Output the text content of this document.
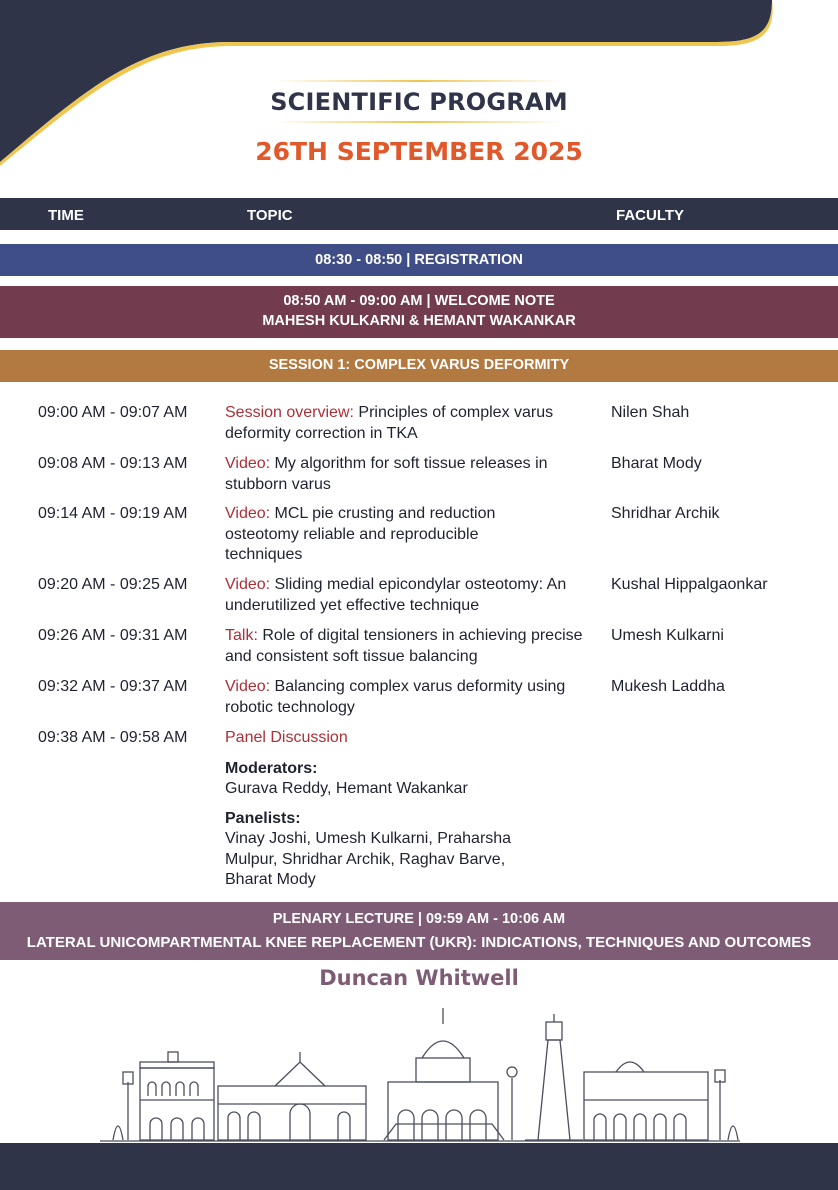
SCIENTIFIC PROGRAM
26TH SEPTEMBER 2025
TIME	TOPIC	FACULTY
08:30 - 08:50 | REGISTRATION
08:50 AM - 09:00 AM | WELCOME NOTE
MAHESH KULKARNI & HEMANT WAKANKAR
SESSION 1: COMPLEX VARUS DEFORMITY
09:00 AM - 09:07 AM Session overview: Principles of complex varus deformity correction in TKA
Nilen Shah
09:08 AM - 09:13 AM Video: My algorithm for soft tissue releases in stubborn varus
Bharat Mody
09:14 AM - 09:19 AM Video: MCL pie crusting and reduction osteotomy reliable and reproducible techniques
Shridhar Archik
09:20 AM - 09:25 AM Video: Sliding medial epicondylar osteotomy: An underutilized yet effective technique
Kushal Hippalgaonkar
09:26 AM - 09:31 AM Talk: Role of digital tensioners in achieving precise and consistent soft tissue balancing
Umesh Kulkarni
09:32 AM - 09:37 AM Video: Balancing complex varus deformity using robotic technology
Mukesh Laddha
09:38 AM - 09:58 AM Panel Discussion
Moderators:
Gurava Reddy, Hemant Wakankar
Panelists:
Vinay Joshi, Umesh Kulkarni, Praharsha Mulpur, Shridhar Archik, Raghav Barve, Bharat Mody
PLENARY LECTURE | 09:59 AM - 10:06 AM
LATERAL UNICOMPARTMENTAL KNEE REPLACEMENT (UKR): INDICATIONS, TECHNIQUES AND OUTCOMES
Duncan Whitwell
